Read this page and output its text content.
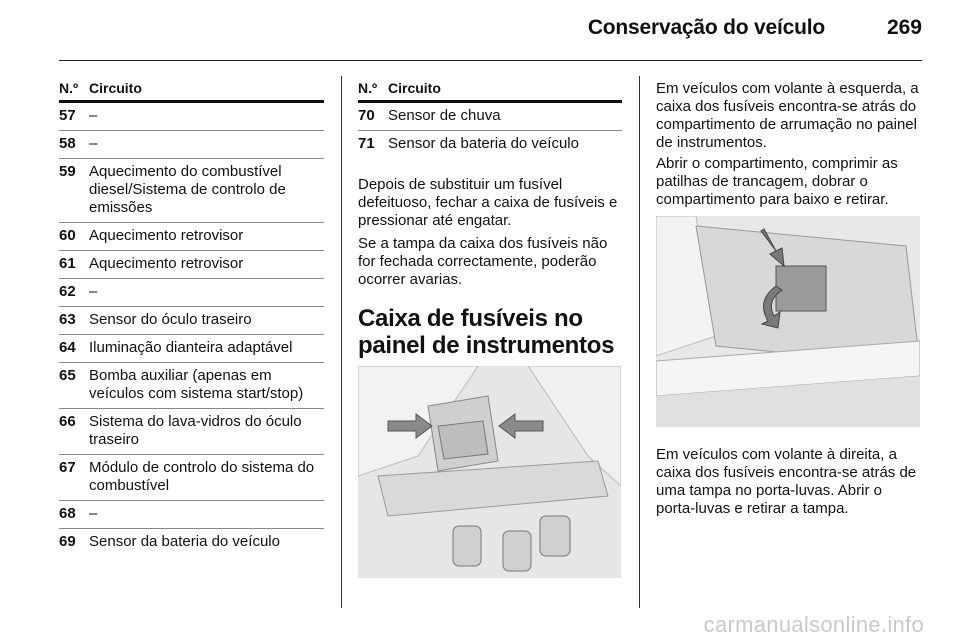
Conservação do veículo	269
N.º Circuito
57 –
58 –
59 Aquecimento do combustível diesel/Sistema de controlo de emissões
60 Aquecimento retrovisor
61 Aquecimento retrovisor
62 –
63 Sensor do óculo traseiro
64 Iluminação dianteira adaptável
65 Bomba auxiliar (apenas em veículos com sistema start/stop)
66 Sistema do lava-vidros do óculo traseiro
67 Módulo de controlo do sistema do combustível
68 –
69 Sensor da bateria do veículo
N.º Circuito
70 Sensor de chuva
71 Sensor da bateria do veículo

Depois de substituir um fusível defeituoso, fechar a caixa de fusíveis e pressionar até engatar.

Se a tampa da caixa dos fusíveis não for fechada correctamente, poderão ocorrer avarias.

Caixa de fusíveis no painel de instrumentos

Em veículos com volante à esquerda, a caixa dos fusíveis encontra-se atrás do compartimento de arrumação no painel de instrumentos.

Abrir o compartimento, comprimir as patilhas de trancagem, dobrar o compartimento para baixo e retirar.

Em veículos com volante à direita, a caixa dos fusíveis encontra-se atrás de uma tampa no porta-luvas. Abrir o porta-luvas e retirar a tampa.

carmanualsonline.info
